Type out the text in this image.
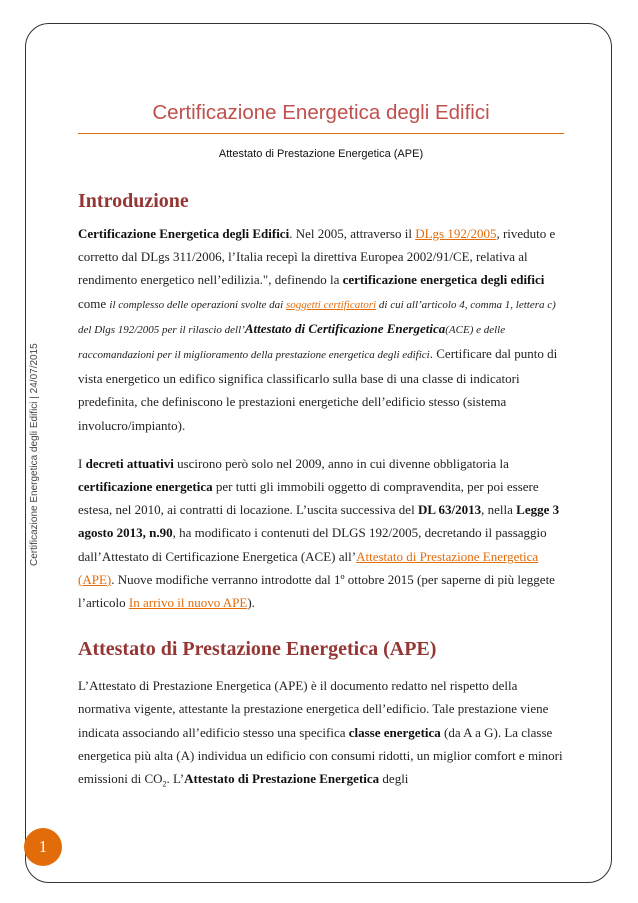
Certificazione Energetica degli Edifici | 24/07/2015
1
Certificazione Energetica degli Edifici
Attestato di Prestazione Energetica (APE)
Introduzione

Certificazione Energetica degli Edifici. Nel 2005, attraverso il DLgs 192/2005, riveduto e corretto dal DLgs 311/2006, l’Italia recepì la direttiva Europea 2002/91/CE, relativa al rendimento energetico nell’edilizia.", definendo la certificazione energetica degli edifici come il complesso delle operazioni svolte dai soggetti certificatori di cui all’articolo 4, comma 1, lettera c) del Dlgs 192/2005 per il rilascio dell’Attestato di Certificazione Energetica(ACE) e delle raccomandazioni per il miglioramento della prestazione energetica degli edifici. Certificare dal punto di vista energetico un edifico significa classificarlo sulla base di una classe di indicatori predefinita, che definiscono le prestazioni energetiche dell’edificio stesso (sistema involucro/impianto).

I decreti attuativi uscirono però solo nel 2009, anno in cui divenne obbligatoria la certificazione energetica per tutti gli immobili oggetto di compravendita, per poi essere estesa, nel 2010, ai contratti di locazione. L’uscita successiva del DL 63/2013, nella Legge 3 agosto 2013, n.90, ha modificato i contenuti del DLGS 192/2005, decretando il passaggio dall’Attestato di Certificazione Energetica (ACE) all’Attestato di Prestazione Energetica (APE). Nuove modifiche verranno introdotte dal 1º ottobre 2015 (per saperne di più leggete l’articolo In arrivo il nuovo APE).

Attestato di Prestazione Energetica (APE)

L’Attestato di Prestazione Energetica (APE) è il documento redatto nel rispetto della normativa vigente, attestante la prestazione energetica dell’edificio. Tale prestazione viene indicata associando all’edificio stesso una specifica classe energetica (da A a G). La classe energetica più alta (A) individua un edificio con consumi ridotti, un miglior comfort e minori emissioni di $CO_2$. L’Attestato di Prestazione Energetica degli
